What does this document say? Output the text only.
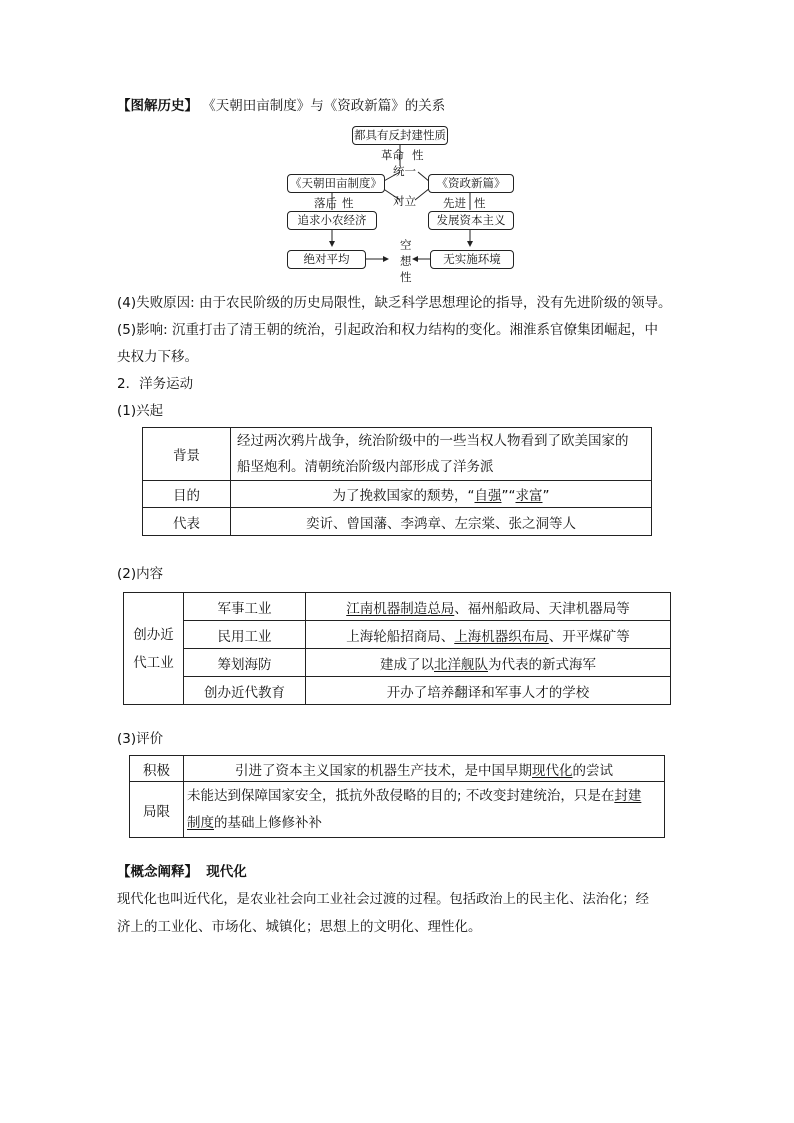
【图解历史】 《天朝田亩制度》与《资政新篇》的关系
都具有反封建性质
革命 性
统一
《天朝田亩制度》	《资政新篇》
对立
落后 性	先进 性
追求小农经济	发展资本主义
空
想
性
绝对平均	无实施环境
(4)失败原因: 由于农民阶级的历史局限性，缺乏科学思想理论的指导，没有先进阶级的领导。
(5)影响: 沉重打击了清王朝的统治，引起政治和权力结构的变化。湘淮系官僚集团崛起，中
央权力下移。
2．洋务运动
(1)兴起
背景	经过两次鸦片战争，统治阶级中的一些当权人物看到了欧美国家的
船坚炮利。清朝统治阶级内部形成了洋务派

目的	为了挽救国家的颓势，“自强”“求富”
代表	奕䜣、曾国藩、李鸿章、左宗棠、张之洞等人
(2)内容
创办近
代工业	军事工业	江南机器制造总局、福州船政局、天津机器局等
	民用工业	上海轮船招商局、上海机器织布局、开平煤矿等
	筹划海防	建成了以北洋舰队为代表的新式海军
	创办近代教育	开办了培养翻译和军事人才的学校
(3)评价
积极	引进了资本主义国家的机器生产技术，是中国早期现代化的尝试
局限	未能达到保障国家安全，抵抗外敌侵略的目的; 不改变封建统治，只是在封建
制度的基础上修修补补
【概念阐释】 现代化
现代化也叫近代化，是农业社会向工业社会过渡的过程。包括政治上的民主化、法治化；经
济上的工业化、市场化、城镇化；思想上的文明化、理性化。
